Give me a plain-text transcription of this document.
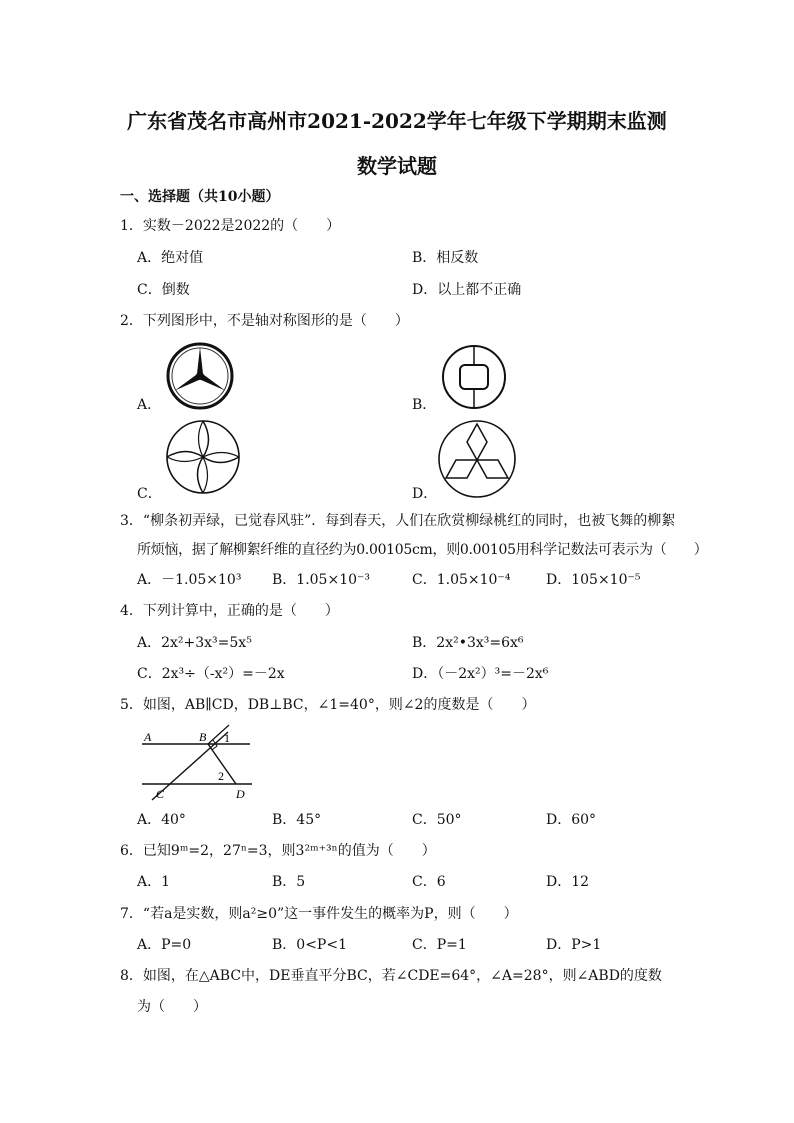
广东省茂名市高州市2021-2022学年七年级下学期期末监测
数学试题
一、选择题（共10小题）
1．实数－2022是2022的（　　）
A．绝对值	B．相反数
C．倒数	D．以上都不正确
2．下列图形中，不是轴对称图形的是（　　）
A．	B．
C．	D．
3．“柳条初弄绿，已觉春风驻”．每到春天，人们在欣赏柳绿桃红的同时，也被飞舞的柳絮
所烦恼，据了解柳絮纤维的直径约为0.00105cm，则0.00105用科学记数法可表示为（　　）
A．－1.05×10³ B．1.05×10⁻³	C．1.05×10⁻⁴	D．105×10⁻⁵
4．下列计算中，正确的是（　　）
A．2x²+3x³=5x⁵	B．2x²•3x³=6x⁶
C．2x³÷（-x²）=－2x	D．（－2x²）³=－2x⁶
5．如图，AB∥CD，DB⊥BC，∠1=40°，则∠2的度数是（　　）
A	B 1
2
C	D
A．40°	B．45°	C．50°	D．60°
6．已知9ᵐ=2，27ⁿ=3，则3²ᵐ⁺³ⁿ的值为（　　）
A．1	B．5	C．6	D．12
7．“若a是实数，则a²≥0”这一事件发生的概率为P，则（　　）
A．P=0	B．0<P<1	C．P=1	D．P>1
8．如图，在△ABC中，DE垂直平分BC，若∠CDE=64°，∠A=28°，则∠ABD的度数
为（　　）
